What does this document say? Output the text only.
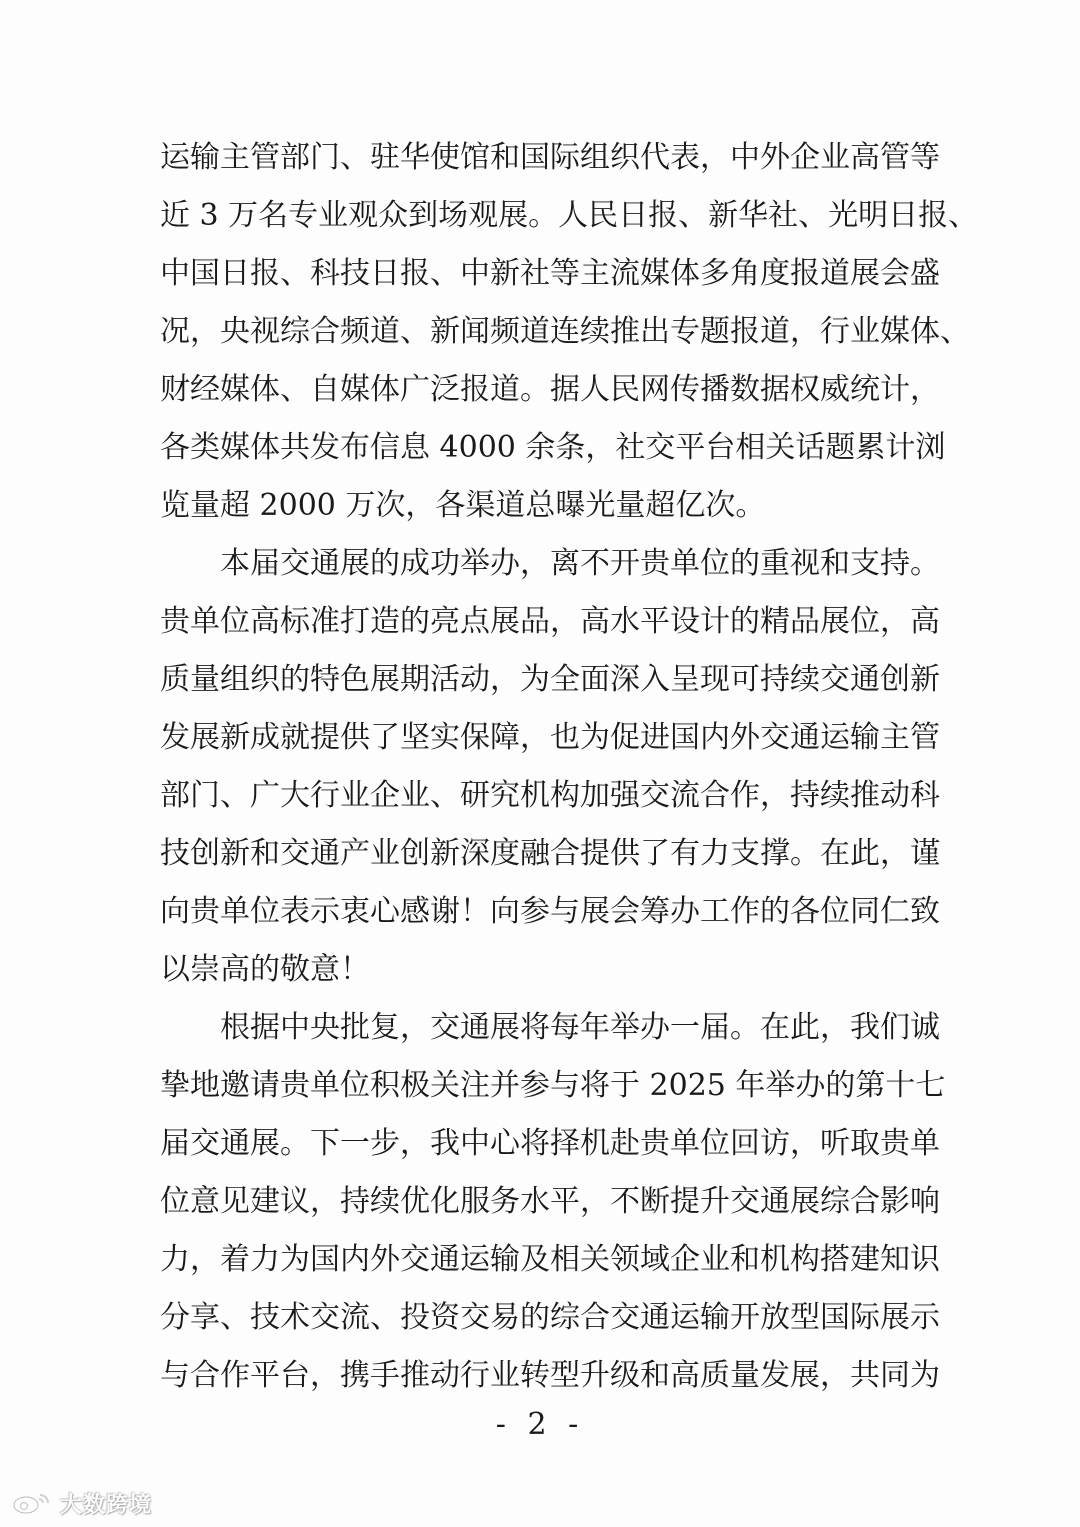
运输主管部门、驻华使馆和国际组织代表，中外企业高管等
近 3 万名专业观众到场观展。人民日报、新华社、光明日报、
中国日报、科技日报、中新社等主流媒体多角度报道展会盛
况，央视综合频道、新闻频道连续推出专题报道，行业媒体、
财经媒体、自媒体广泛报道。据人民网传播数据权威统计，
各类媒体共发布信息 4000 余条，社交平台相关话题累计浏
览量超 2000 万次，各渠道总曝光量超亿次。
　　本届交通展的成功举办，离不开贵单位的重视和支持。
贵单位高标准打造的亮点展品，高水平设计的精品展位，高
质量组织的特色展期活动，为全面深入呈现可持续交通创新
发展新成就提供了坚实保障，也为促进国内外交通运输主管
部门、广大行业企业、研究机构加强交流合作，持续推动科
技创新和交通产业创新深度融合提供了有力支撑。在此，谨
向贵单位表示衷心感谢！向参与展会筹办工作的各位同仁致
以崇高的敬意！
　　根据中央批复，交通展将每年举办一届。在此，我们诚
挚地邀请贵单位积极关注并参与将于 2025 年举办的第十七
届交通展。下一步，我中心将择机赴贵单位回访，听取贵单
位意见建议，持续优化服务水平，不断提升交通展综合影响
力，着力为国内外交通运输及相关领域企业和机构搭建知识
分享、技术交流、投资交易的综合交通运输开放型国际展示
与合作平台，携手推动行业转型升级和高质量发展，共同为
- 2 -
大数跨境
